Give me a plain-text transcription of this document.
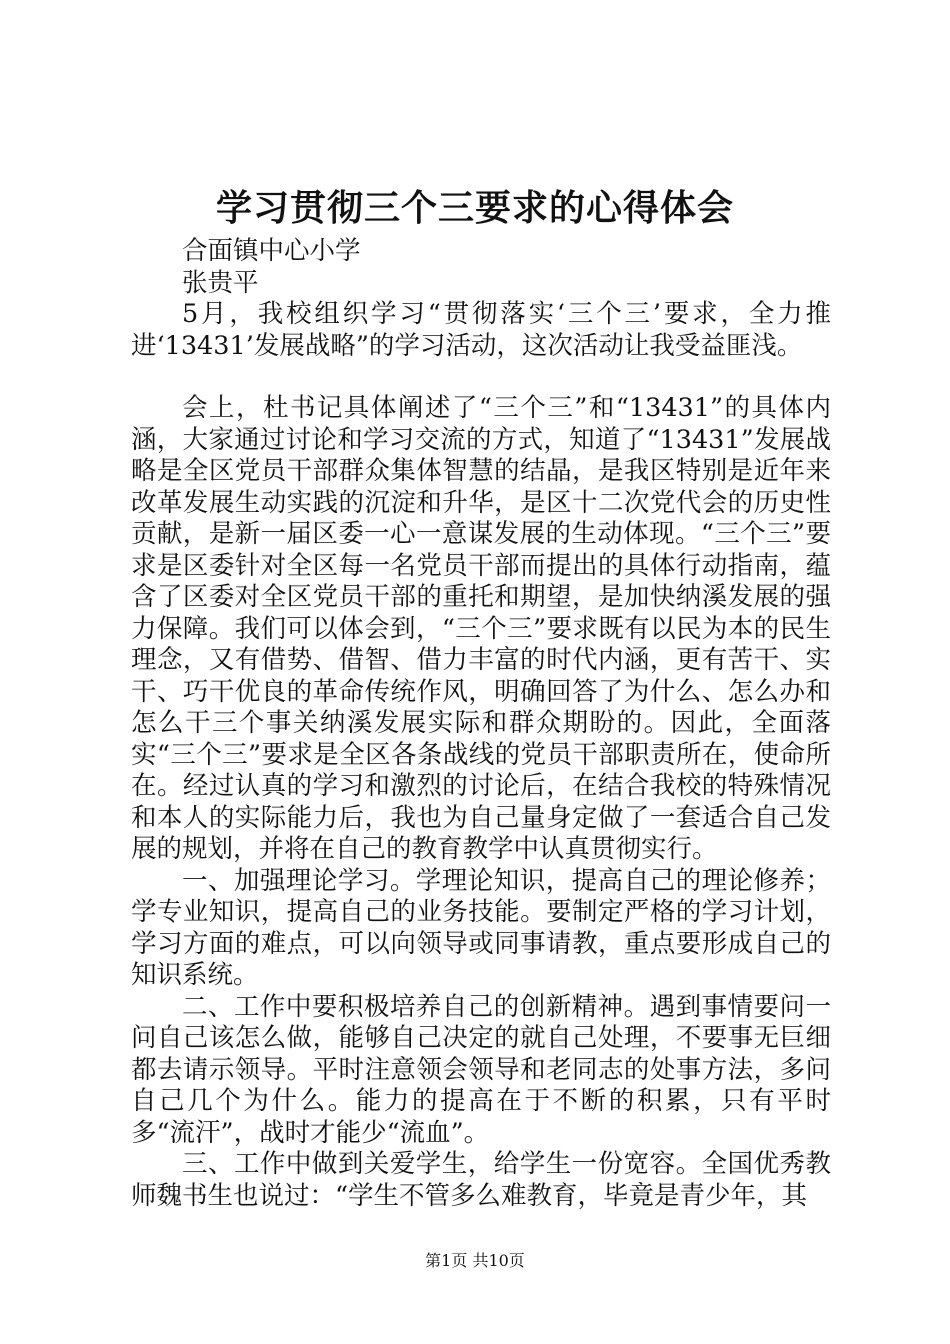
学习贯彻三个三要求的心得体会

合面镇中心小学

张贵平

5月，我校组织学习“贯彻落实‘三个三’要求，全力推进‘13431’发展战略”的学习活动，这次活动让我受益匪浅。

会上，杜书记具体阐述了“三个三”和“13431”的具体内涵，大家通过讨论和学习交流的方式，知道了“13431”发展战略是全区党员干部群众集体智慧的结晶，是我区特别是近年来改革发展生动实践的沉淀和升华，是区十二次党代会的历史性贡献，是新一届区委一心一意谋发展的生动体现。“三个三”要求是区委针对全区每一名党员干部而提出的具体行动指南，蕴含了区委对全区党员干部的重托和期望，是加快纳溪发展的强力保障。我们可以体会到，“三个三”要求既有以民为本的民生理念，又有借势、借智、借力丰富的时代内涵，更有苦干、实干、巧干优良的革命传统作风，明确回答了为什么、怎么办和怎么干三个事关纳溪发展实际和群众期盼的。因此，全面落实“三个三”要求是全区各条战线的党员干部职责所在，使命所在。经过认真的学习和激烈的讨论后，在结合我校的特殊情况和本人的实际能力后，我也为自己量身定做了一套适合自己发展的规划，并将在自己的教育教学中认真贯彻实行。

一、加强理论学习。学理论知识，提高自己的理论修养；学专业知识，提高自己的业务技能。要制定严格的学习计划，学习方面的难点，可以向领导或同事请教，重点要形成自己的知识系统。

二、工作中要积极培养自己的创新精神。遇到事情要问一问自己该怎么做，能够自己决定的就自己处理，不要事无巨细都去请示领导。平时注意领会领导和老同志的处事方法，多问自己几个为什么。能力的提高在于不断的积累，只有平时多“流汗”，战时才能少“流血”。

三、工作中做到关爱学生，给学生一份宽容。全国优秀教师魏书生也说过：“学生不管多么难教育，毕竟是青少年，其

第1页 共10页
